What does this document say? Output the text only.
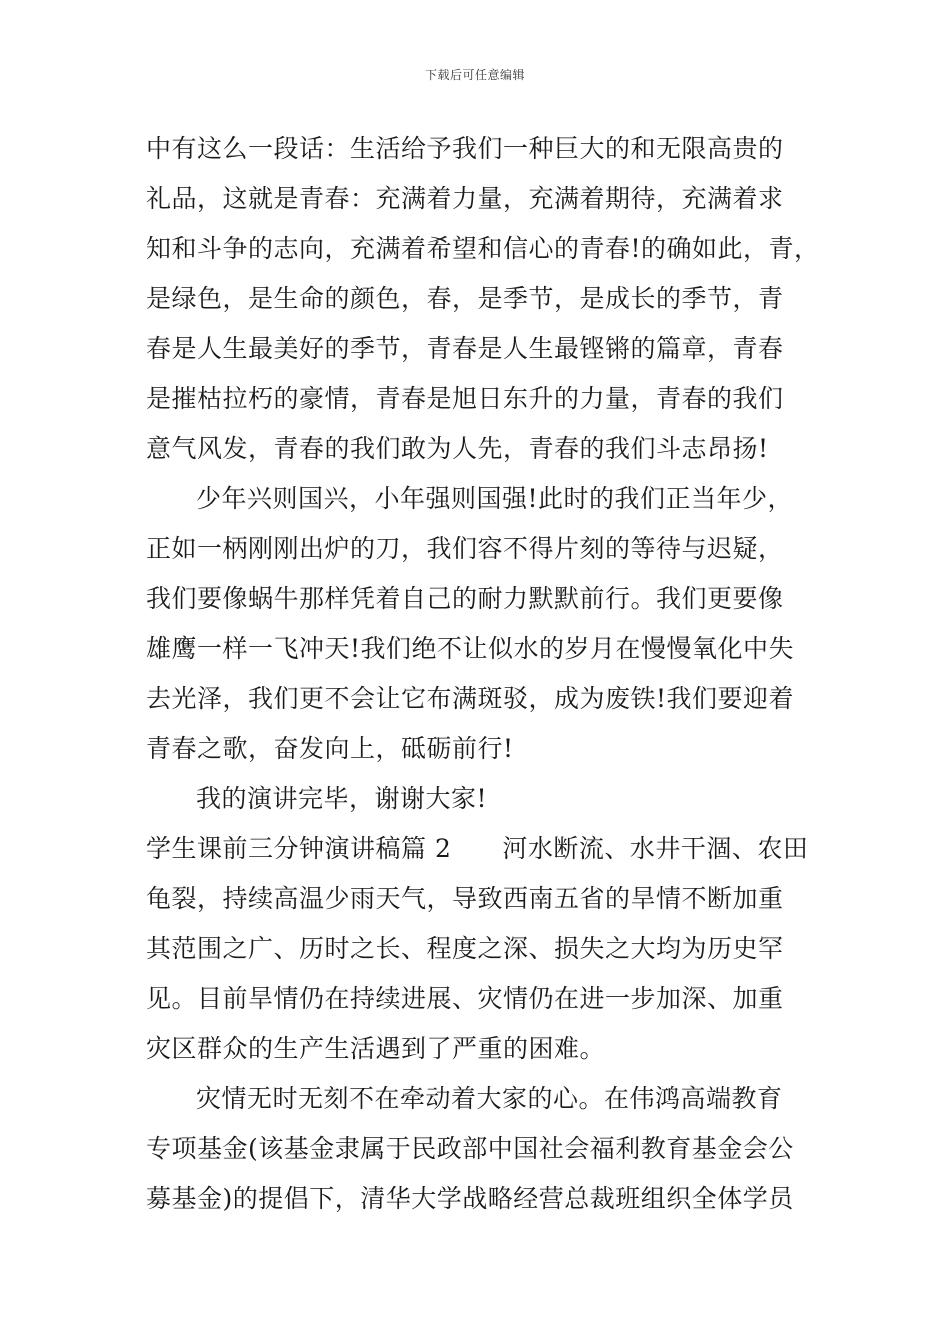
下载后可任意编辑
中有这么一段话：生活给予我们一种巨大的和无限高贵的
礼品，这就是青春：充满着力量，充满着期待，充满着求
知和斗争的志向，充满着希望和信心的青春!的确如此，青，
是绿色，是生命的颜色，春，是季节，是成长的季节，青
春是人生最美好的季节，青春是人生最铿锵的篇章，青春
是摧枯拉朽的豪情，青春是旭日东升的力量，青春的我们
意气风发，青春的我们敢为人先，青春的我们斗志昂扬!
少年兴则国兴，小年强则国强!此时的我们正当年少，
正如一柄刚刚出炉的刀，我们容不得片刻的等待与迟疑，
我们要像蜗牛那样凭着自己的耐力默默前行。我们更要像
雄鹰一样一飞冲天!我们绝不让似水的岁月在慢慢氧化中失
去光泽，我们更不会让它布满斑驳，成为废铁!我们要迎着
青春之歌，奋发向上，砥砺前行!
我的演讲完毕，谢谢大家!
学生课前三分钟演讲稿篇 2　　河水断流、水井干涸、农田
龟裂，持续高温少雨天气，导致西南五省的旱情不断加重
其范围之广、历时之长、程度之深、损失之大均为历史罕
见。目前旱情仍在持续进展、灾情仍在进一步加深、加重
灾区群众的生产生活遇到了严重的困难。
灾情无时无刻不在牵动着大家的心。在伟鸿高端教育
专项基金(该基金隶属于民政部中国社会福利教育基金会公
募基金)的提倡下，清华大学战略经营总裁班组织全体学员
